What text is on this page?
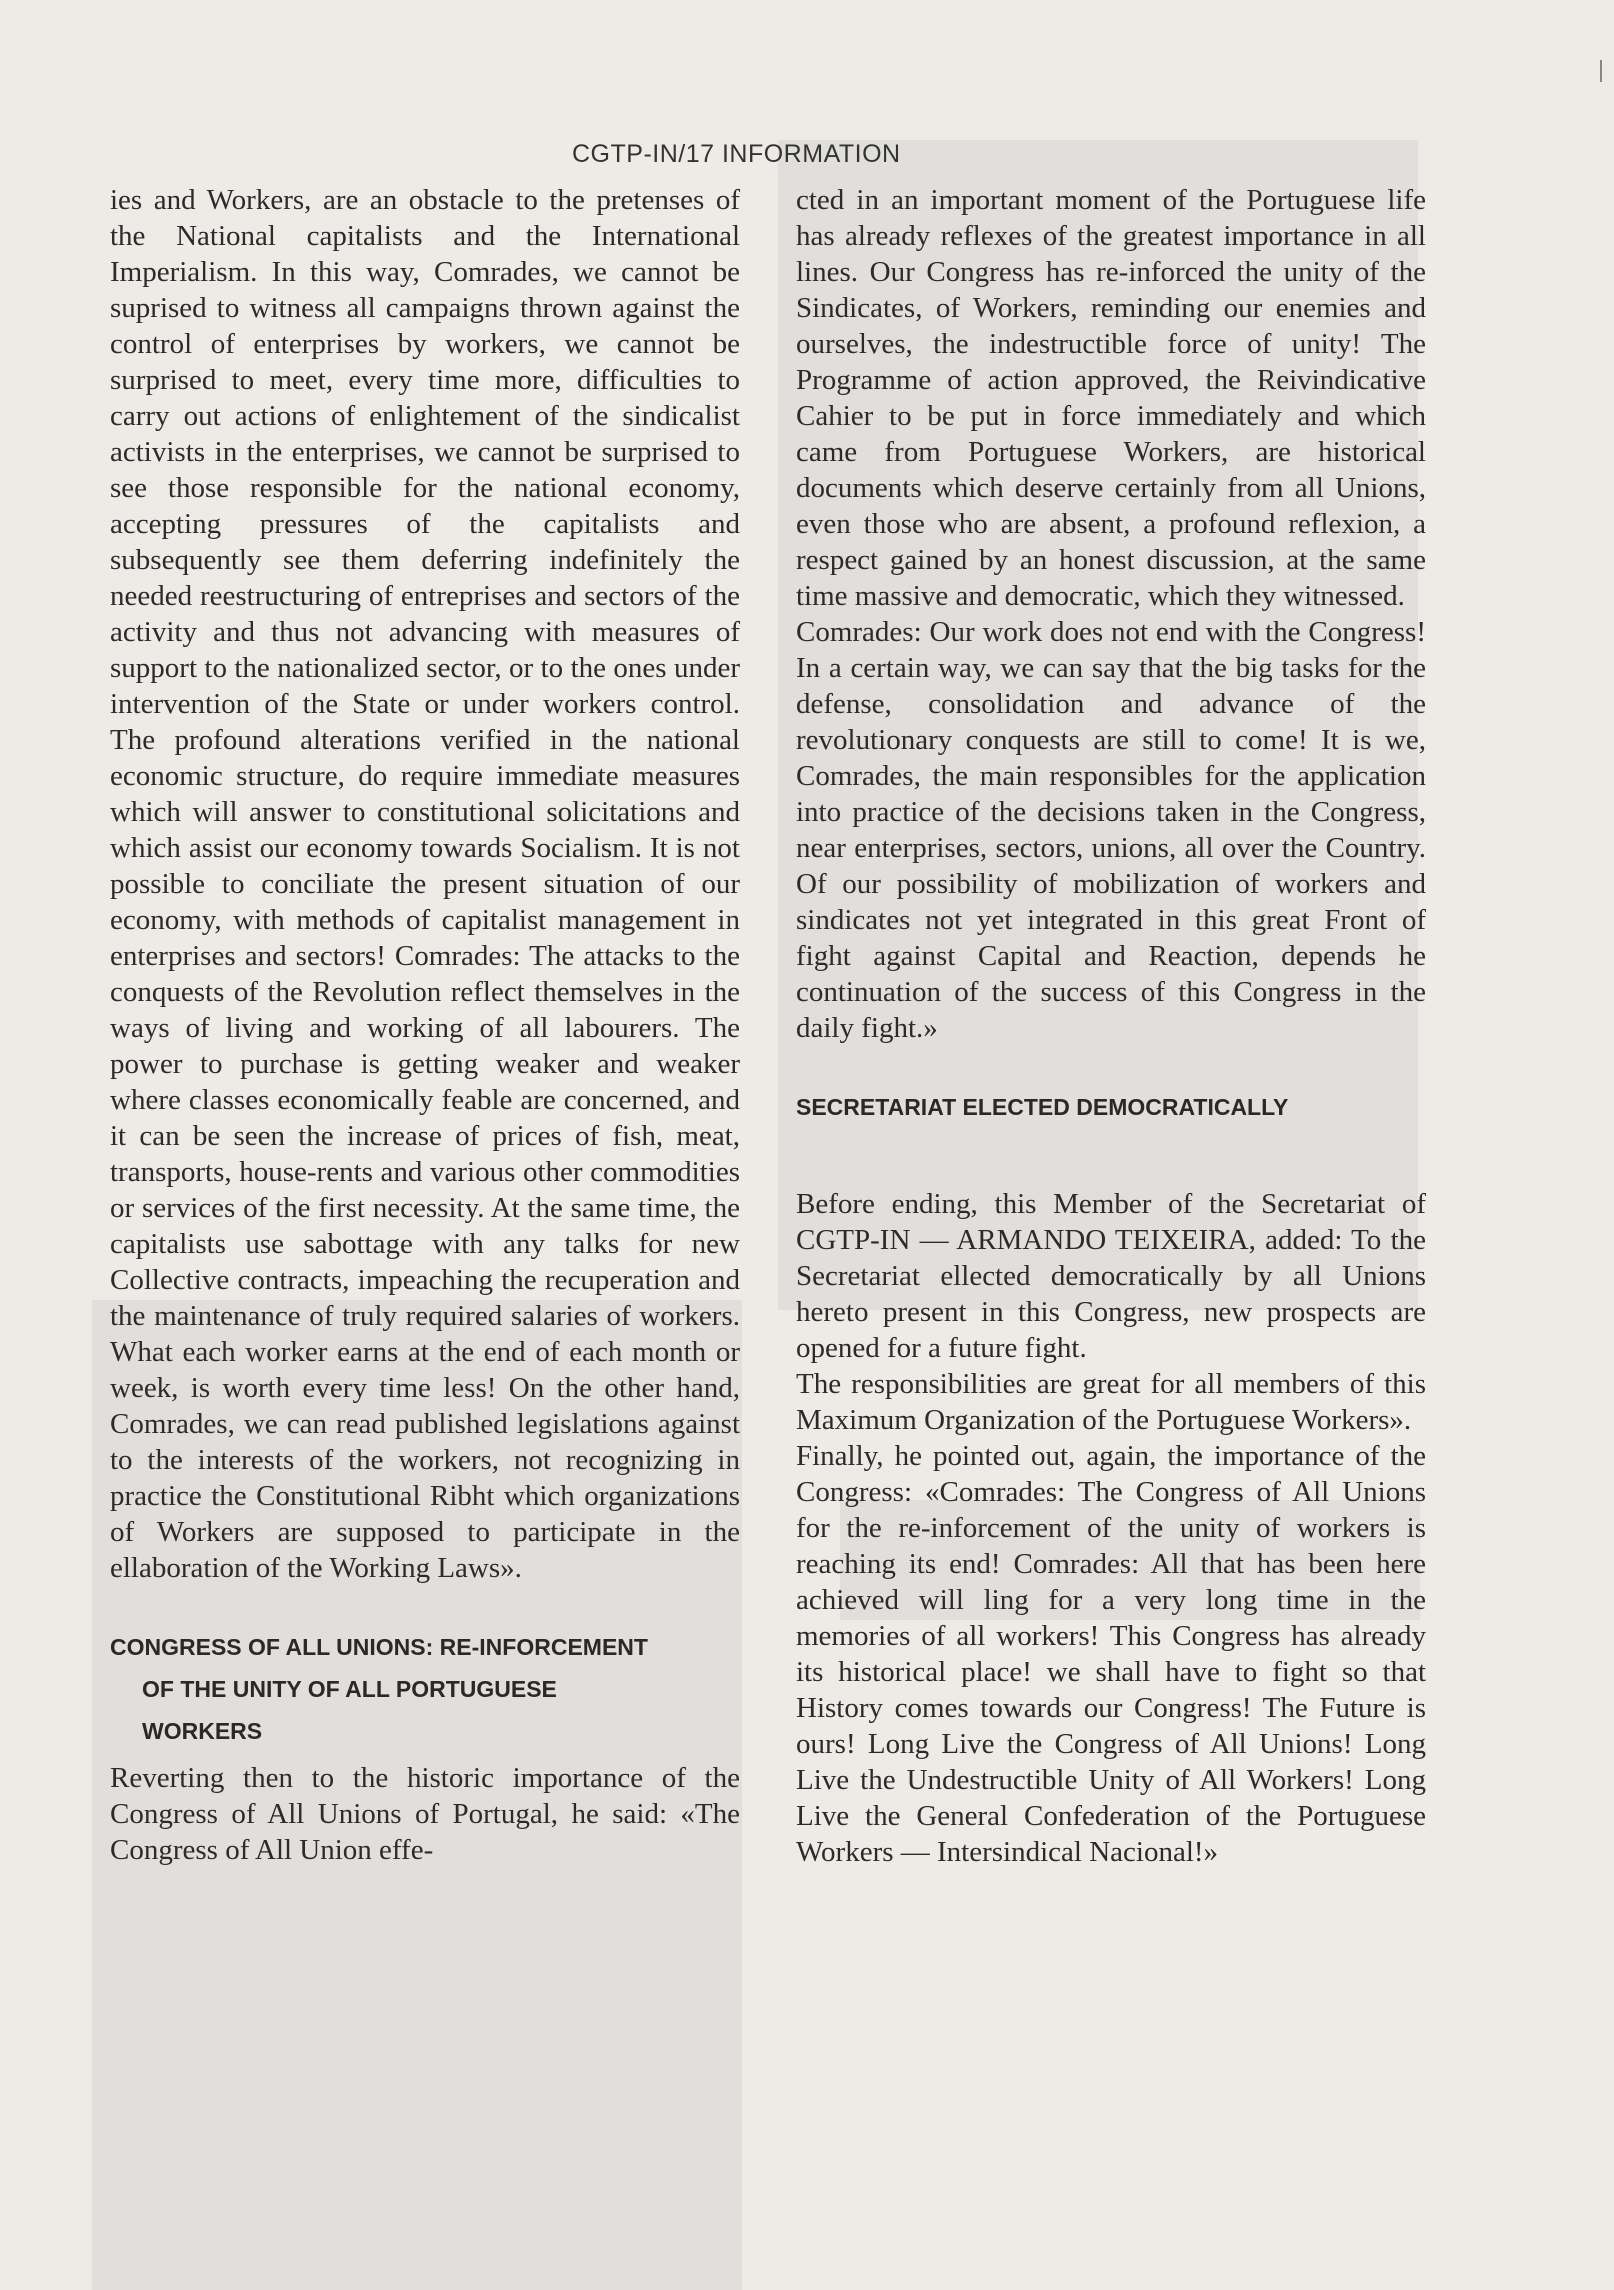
CGTP-IN/17 INFORMATION

ies and Workers, are an obstacle to the pretenses of the National capitalists and the International Imperialism. In this way, Comrades, we cannot be suprised to witness all campaigns thrown against the control of enterprises by workers, we cannot be surprised to meet, every time more, difficulties to carry out actions of enlightement of the sindicalist activists in the enterprises, we cannot be surprised to see those responsible for the national economy, accepting pressures of the capitalists and subsequently see them deferring indefinitely the needed reestructuring of entreprises and sectors of the activity and thus not advancing with measures of support to the nationalized sector, or to the ones under intervention of the State or under workers control. The profound alterations verified in the national economic structure, do require immediate measures which will answer to constitutional solicitations and which assist our economy towards Socialism. It is not possible to conciliate the present situation of our economy, with methods of capitalist management in enterprises and sectors! Comrades: The attacks to the conquests of the Revolution reflect themselves in the ways of living and working of all labourers. The power to purchase is getting weaker and weaker where classes economically feable are concerned, and it can be seen the increase of prices of fish, meat, transports, house-rents and various other commodities or services of the first necessity. At the same time, the capitalists use sabottage with any talks for new Collective contracts, impeaching the recuperation and the maintenance of truly required salaries of workers. What each worker earns at the end of each month or week, is worth every time less! On the other hand, Comrades, we can read published legislations against to the interests of the workers, not recognizing in practice the Constitutional Ribht which organizations of Workers are supposed to participate in the ellaboration of the Working Laws».

CONGRESS OF ALL UNIONS: RE-INFORCEMENT
OF THE UNITY OF ALL PORTUGUESE
WORKERS

Reverting then to the historic importance of the Congress of All Unions of Portugal, he said: «The Congress of All Union effe-

cted in an important moment of the Portuguese life has already reflexes of the greatest importance in all lines. Our Congress has re-inforced the unity of the Sindicates, of Workers, reminding our enemies and ourselves, the indestructible force of unity! The Programme of action approved, the Reivindicative Cahier to be put in force immediately and which came from Portuguese Workers, are historical documents which deserve certainly from all Unions, even those who are absent, a profound reflexion, a respect gained by an honest discussion, at the same time massive and democratic, which they witnessed.

Comrades: Our work does not end with the Congress! In a certain way, we can say that the big tasks for the defense, consolidation and advance of the revolutionary conquests are still to come! It is we, Comrades, the main responsibles for the application into practice of the decisions taken in the Congress, near enterprises, sectors, unions, all over the Country. Of our possibility of mobilization of workers and sindicates not yet integrated in this great Front of fight against Capital and Reaction, depends he continuation of the success of this Congress in the daily fight.»

SECRETARIAT ELECTED DEMOCRATICALLY

Before ending, this Member of the Secretariat of CGTP-IN — ARMANDO TEIXEIRA, added: To the Secretariat ellected democratically by all Unions hereto present in this Congress, new prospects are opened for a future fight.

The responsibilities are great for all members of this Maximum Organization of the Portuguese Workers».

Finally, he pointed out, again, the importance of the Congress: «Comrades: The Congress of All Unions for the re-inforcement of the unity of workers is reaching its end! Comrades: All that has been here achieved will ling for a very long time in the memories of all workers! This Congress has already its historical place! we shall have to fight so that History comes towards our Congress! The Future is ours! Long Live the Congress of All Unions! Long Live the Undestructible Unity of All Workers! Long Live the General Confederation of the Portuguese Workers — Intersindical Nacional!»
